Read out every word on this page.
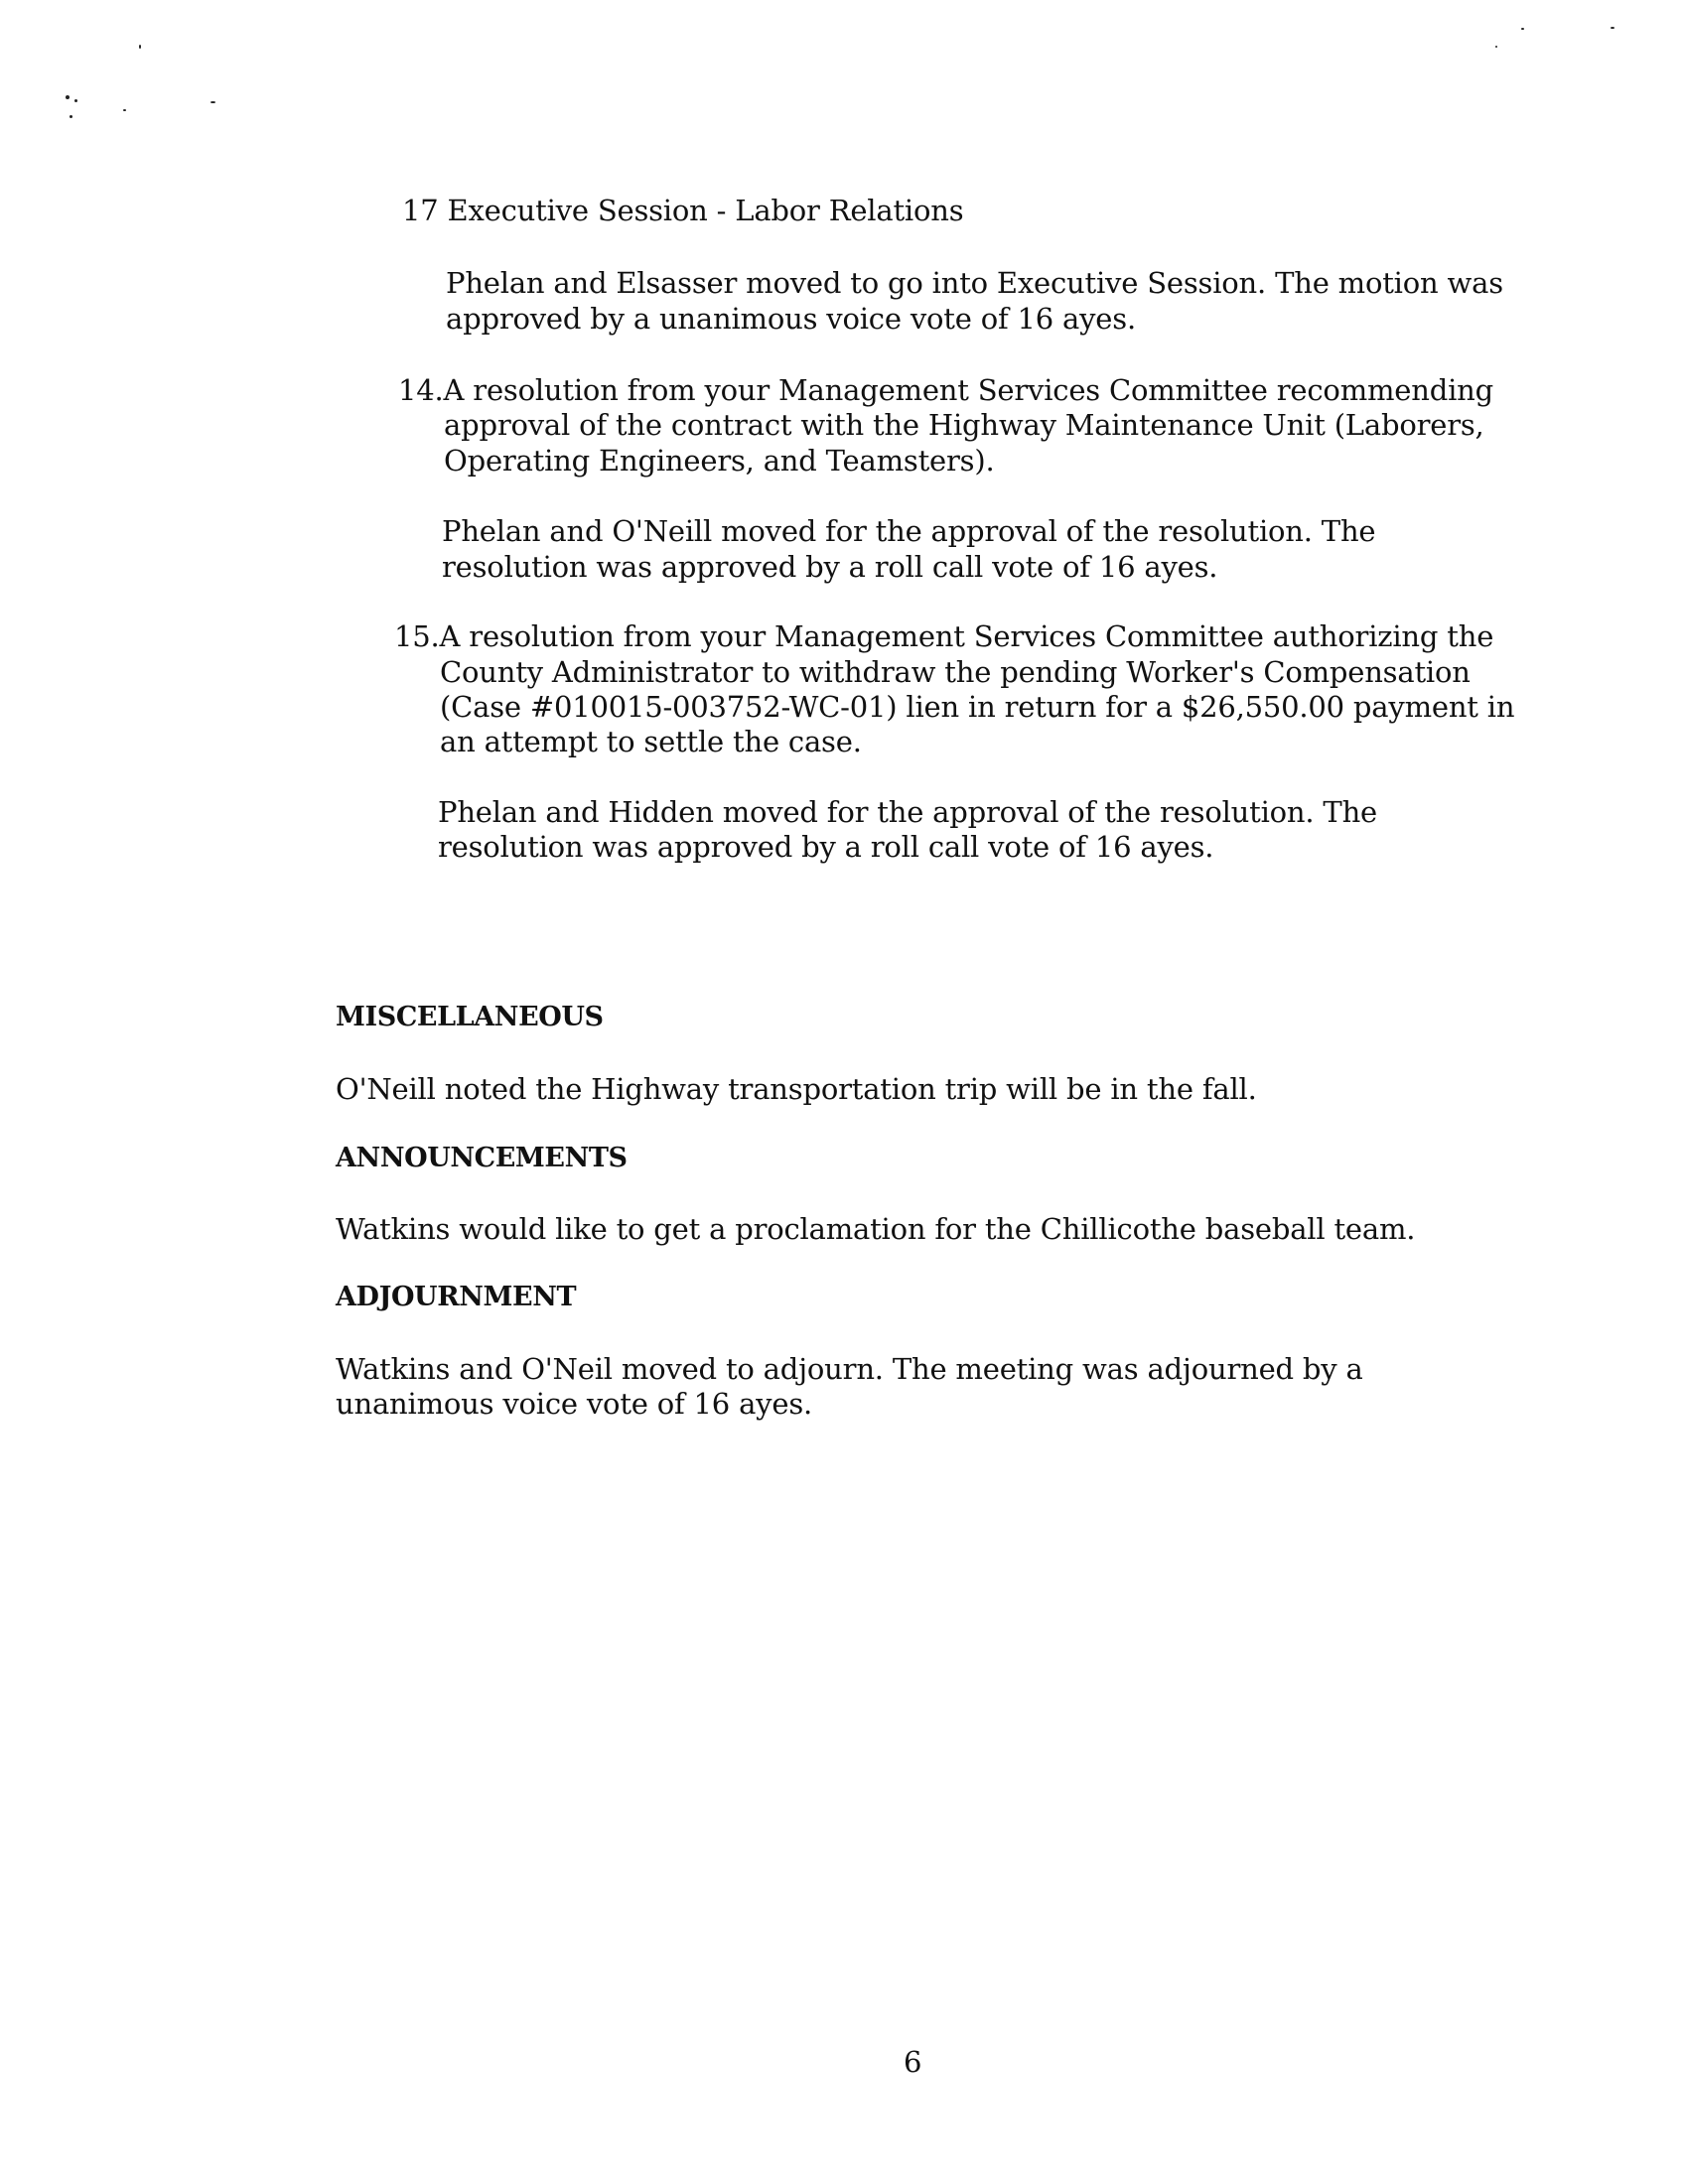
17 Executive Session - Labor Relations
Phelan and Elsasser moved to go into Executive Session. The motion was
approved by a unanimous voice vote of 16 ayes.
14.A resolution from your Management Services Committee recommending
approval of the contract with the Highway Maintenance Unit (Laborers,
Operating Engineers, and Teamsters).
Phelan and O'Neill moved for the approval of the resolution. The
resolution was approved by a roll call vote of 16 ayes.
15.A resolution from your Management Services Committee authorizing the
County Administrator to withdraw the pending Worker's Compensation
(Case #010015-003752-WC-01) lien in return for a $26,550.00 payment in
an attempt to settle the case.
Phelan and Hidden moved for the approval of the resolution. The
resolution was approved by a roll call vote of 16 ayes.
MISCELLANEOUS
O'Neill noted the Highway transportation trip will be in the fall.
ANNOUNCEMENTS
Watkins would like to get a proclamation for the Chillicothe baseball team.
ADJOURNMENT
Watkins and O'Neil moved to adjourn. The meeting was adjourned by a
unanimous voice vote of 16 ayes.
6
